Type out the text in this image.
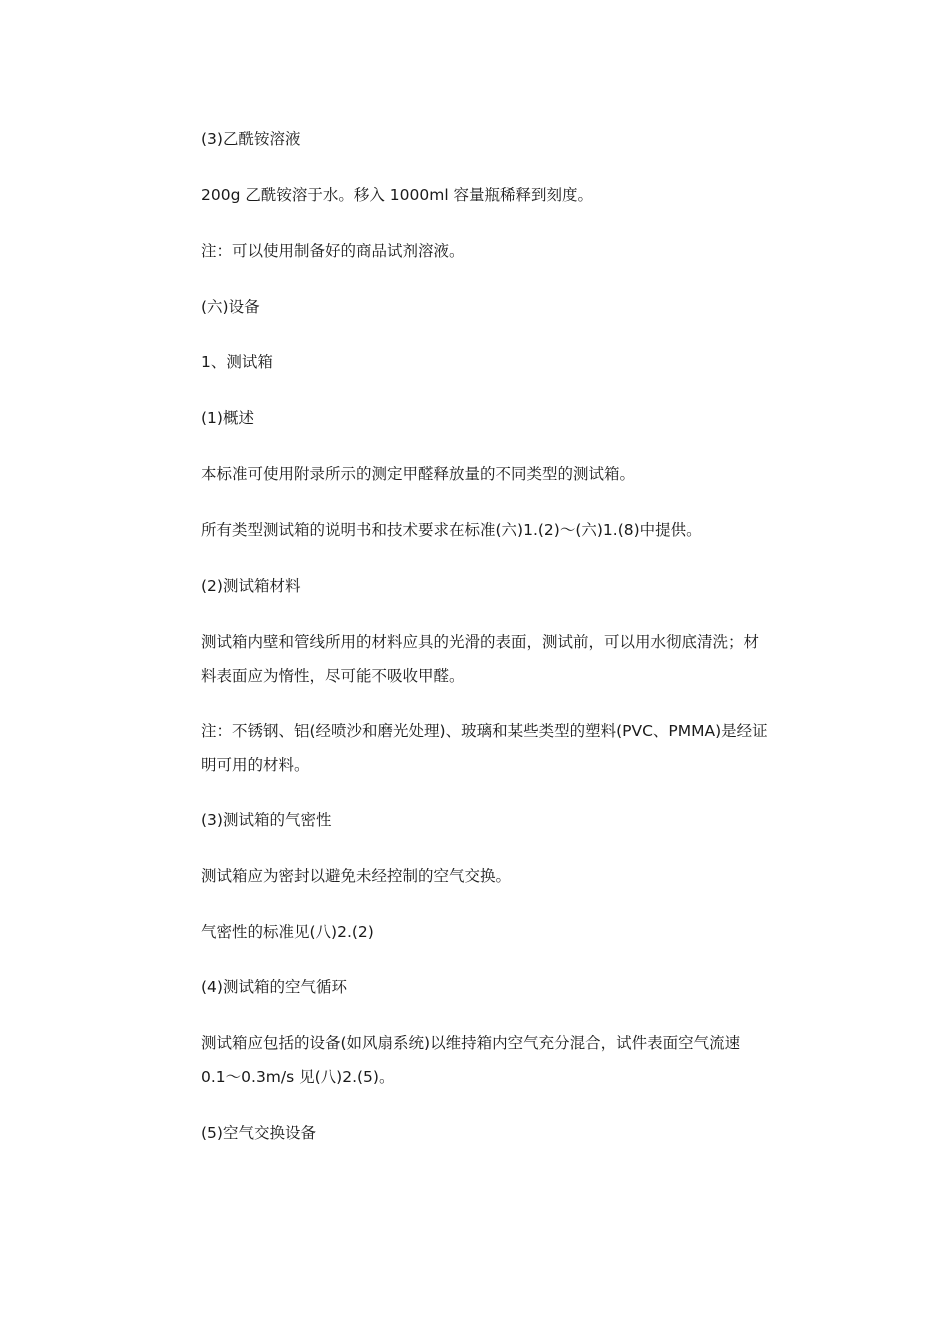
(3)乙酰铵溶液

200g 乙酰铵溶于水。移入 1000ml 容量瓶稀释到刻度。

注：可以使用制备好的商品试剂溶液。

(六)设备

1、测试箱

(1)概述

本标准可使用附录所示的测定甲醛释放量的不同类型的测试箱。

所有类型测试箱的说明书和技术要求在标准(六)1.(2)～(六)1.(8)中提供。

(2)测试箱材料

测试箱内壁和管线所用的材料应具的光滑的表面，测试前，可以用水彻底清洗；材
料表面应为惰性，尽可能不吸收甲醛。

注：不锈钢、铝(经喷沙和磨光处理)、玻璃和某些类型的塑料(PVC、PMMA)是经证
明可用的材料。

(3)测试箱的气密性

测试箱应为密封以避免未经控制的空气交换。

气密性的标准见(八)2.(2)

(4)测试箱的空气循环

测试箱应包括的设备(如风扇系统)以维持箱内空气充分混合，试件表面空气流速
0.1～0.3m/s 见(八)2.(5)。

(5)空气交换设备
